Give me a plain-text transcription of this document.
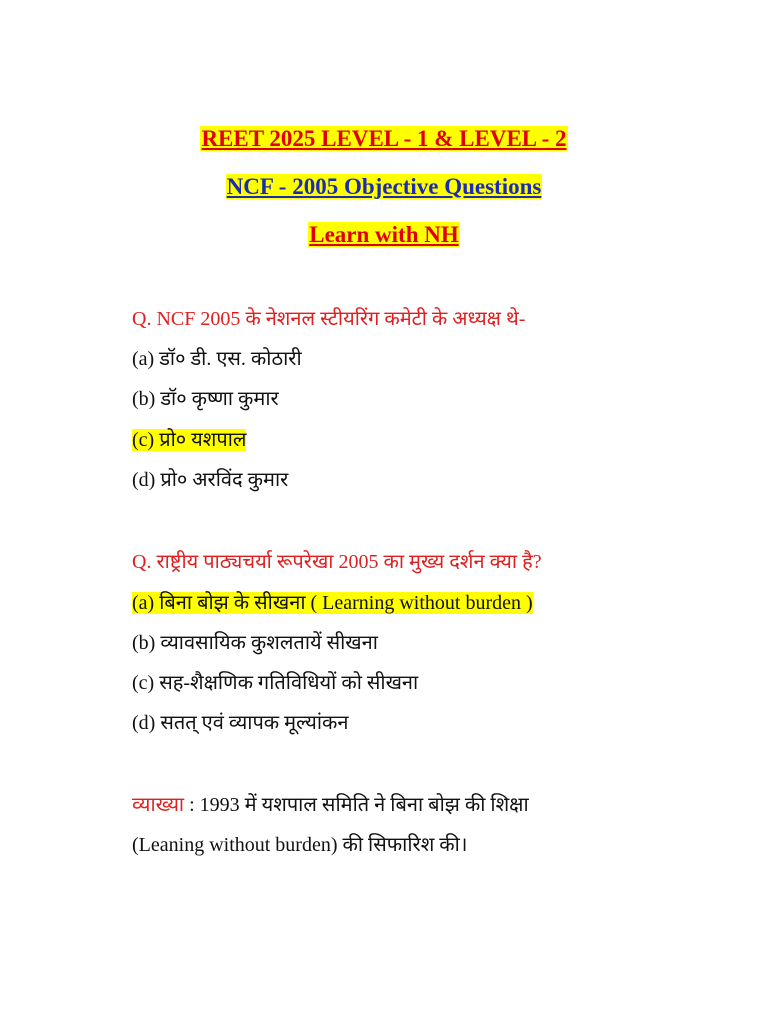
REET 2025 LEVEL - 1 & LEVEL - 2
NCF - 2005 Objective Questions
Learn with NH
Q. NCF 2005 के नेशनल स्टीयरिंग कमेटी के अध्यक्ष थे-
(a) डॉ० डी. एस. कोठारी
(b) डॉ० कृष्णा कुमार
(c) प्रो० यशपाल
(d) प्रो० अरविंद कुमार
Q. राष्ट्रीय पाठ्यचर्या रूपरेखा 2005 का मुख्य दर्शन क्या है?
(a) बिना बोझ के सीखना ( Learning without burden )
(b) व्यावसायिक कुशलतायें सीखना
(c) सह-शैक्षणिक गतिविधियों को सीखना
(d) सतत् एवं व्यापक मूल्यांकन
व्याख्या : 1993 में यशपाल समिति ने बिना बोझ की शिक्षा
(Leaning without burden) की सिफारिश की।
